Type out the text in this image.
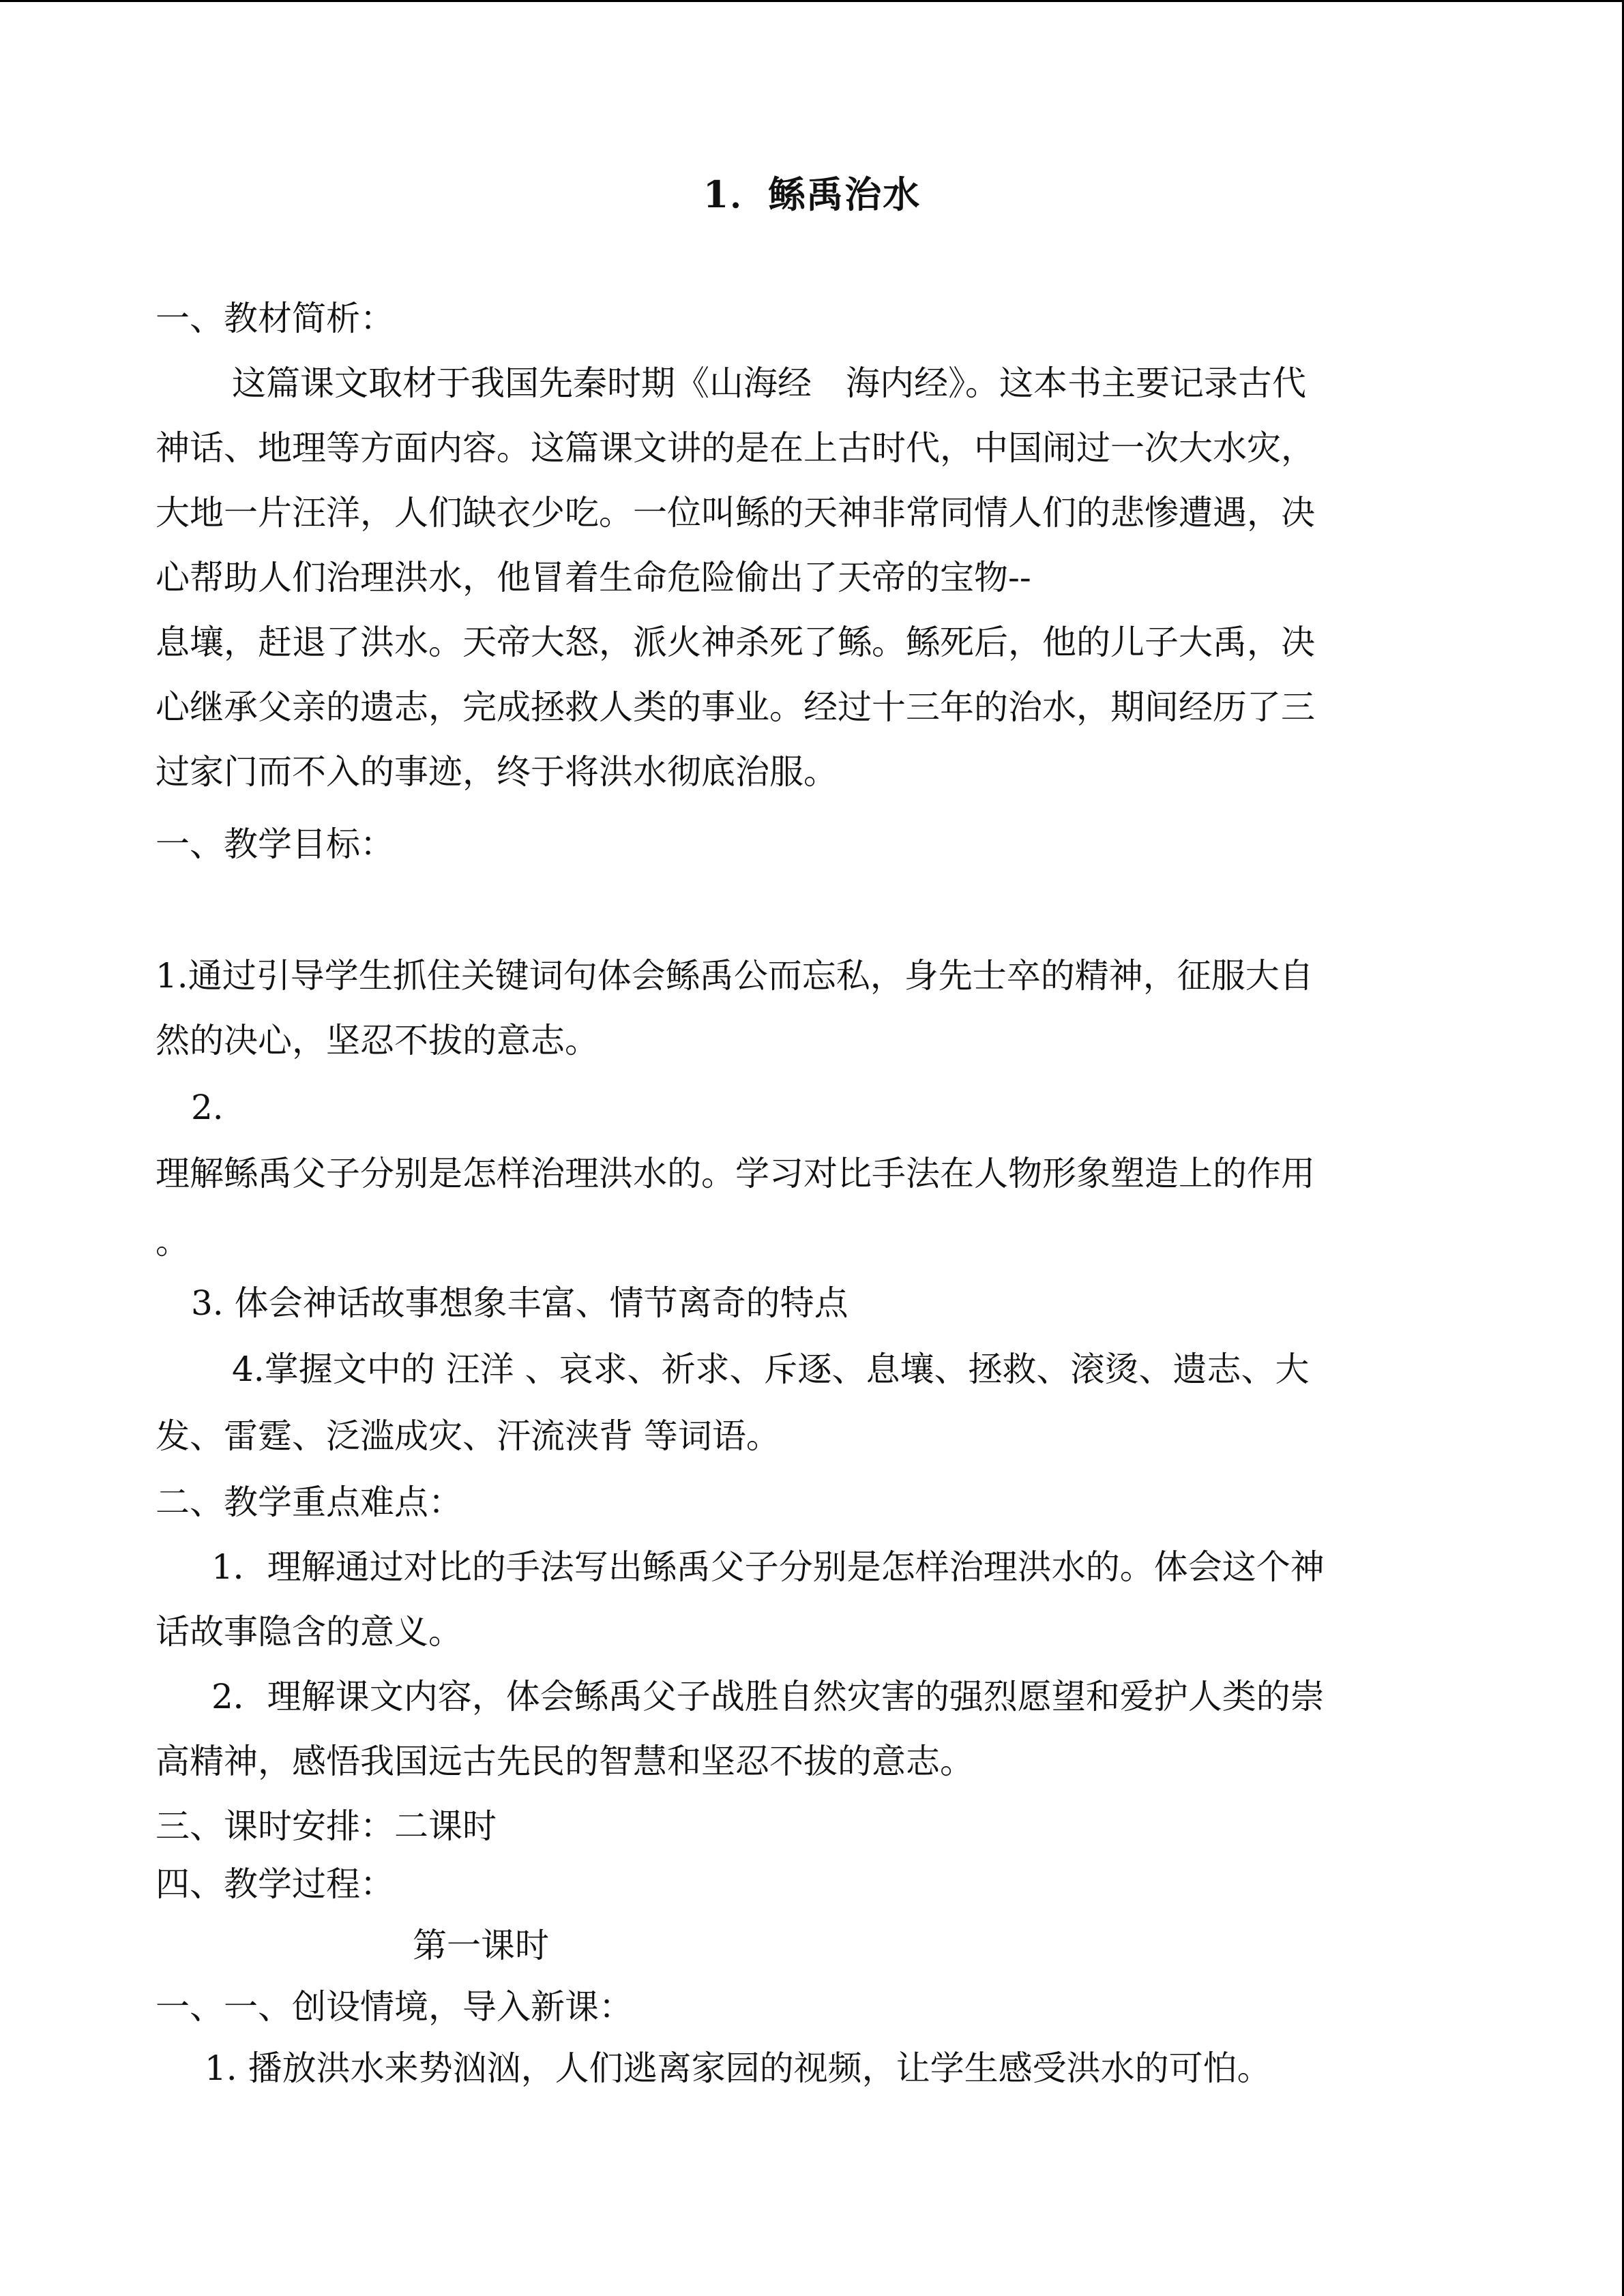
1．鲧禹治水
一、教材简析：
这篇课文取材于我国先秦时期《山海经　海内经》。这本书主要记录古代
神话、地理等方面内容。这篇课文讲的是在上古时代，中国闹过一次大水灾，
大地一片汪洋，人们缺衣少吃。一位叫鲧的天神非常同情人们的悲惨遭遇，决
心帮助人们治理洪水，他冒着生命危险偷出了天帝的宝物--
息壤，赶退了洪水。天帝大怒，派火神杀死了鲧。鲧死后，他的儿子大禹，决
心继承父亲的遗志，完成拯救人类的事业。经过十三年的治水，期间经历了三
过家门而不入的事迹，终于将洪水彻底治服。
一、教学目标：
1.通过引导学生抓住关键词句体会鲧禹公而忘私，身先士卒的精神，征服大自
然的决心，坚忍不拔的意志。
2.
理解鲧禹父子分别是怎样治理洪水的。学习对比手法在人物形象塑造上的作用
。
3. 体会神话故事想象丰富、情节离奇的特点
4.掌握文中的 汪洋 、哀求、祈求、斥逐、息壤、拯救、滚烫、遗志、大
发、雷霆、泛滥成灾、汗流浃背 等词语。
二、教学重点难点：
1．理解通过对比的手法写出鲧禹父子分别是怎样治理洪水的。体会这个神
话故事隐含的意义。
2．理解课文内容，体会鲧禹父子战胜自然灾害的强烈愿望和爱护人类的崇
高精神，感悟我国远古先民的智慧和坚忍不拔的意志。
三、课时安排：二课时
四、教学过程：
第一课时
一、一、创设情境，导入新课：
1. 播放洪水来势汹汹，人们逃离家园的视频，让学生感受洪水的可怕。
